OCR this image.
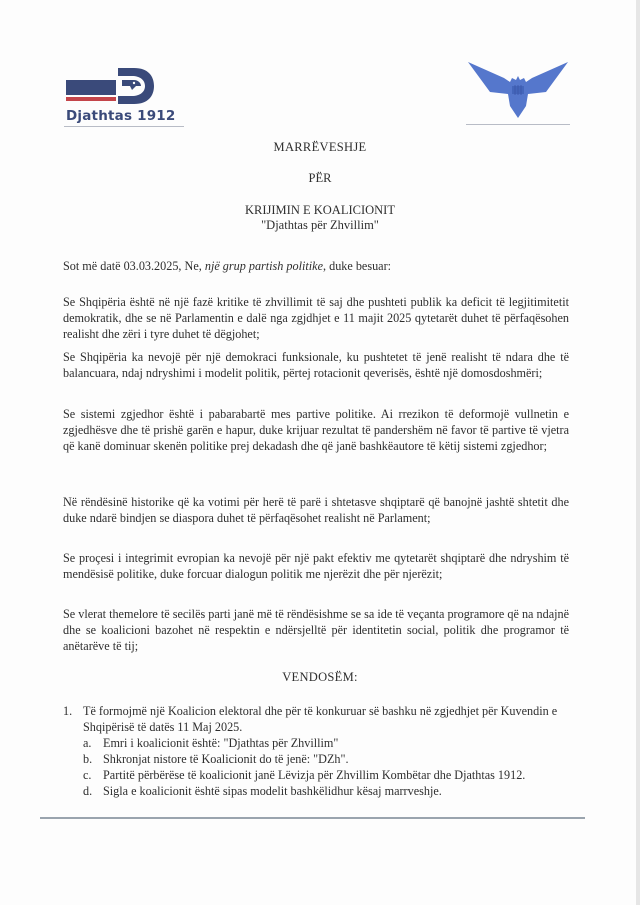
Djathtas 1912
MARRËVESHJE
PËR
KRIJIMIN E KOALICIONIT
"Djathtas për Zhvillim"
Sot më datë 03.03.2025, Ne, një grup partish politike, duke besuar:
Se Shqipëria është në një fazë kritike të zhvillimit të saj dhe pushteti publik ka deficit të legjitimitetit demokratik, dhe se në Parlamentin e dalë nga zgjdhjet e 11 majit 2025 qytetarët duhet të përfaqësohen realisht dhe zëri i tyre duhet të dëgjohet;
Se Shqipëria ka nevojë për një demokraci funksionale, ku pushtetet të jenë realisht të ndara dhe të balancuara, ndaj ndryshimi i modelit politik, përtej rotacionit qeverisës, është një domosdoshmëri;
Se sistemi zgjedhor është i pabarabartë mes partive politike. Ai rrezikon të deformojë vullnetin e zgjedhësve dhe të prishë garën e hapur, duke krijuar rezultat të pandershëm në favor të partive të vjetra që kanë dominuar skenën politike prej dekadash dhe që janë bashkëautore të këtij sistemi zgjedhor;
Në rëndësinë historike që ka votimi për herë të parë i shtetasve shqiptarë që banojnë jashtë shtetit dhe duke ndarë bindjen se diaspora duhet të përfaqësohet realisht në Parlament;
Se proçesi i integrimit evropian ka nevojë për një pakt efektiv me qytetarët shqiptarë dhe ndryshim të mendësisë politike, duke forcuar dialogun politik me njerëzit dhe për njerëzit;
Se vlerat themelore të secilës parti janë më të rëndësishme se sa ide të veçanta programore që na ndajnë dhe se koalicioni bazohet në respektin e ndërsjelltë për identitetin social, politik dhe programor të anëtarëve të tij;
VENDOSËM:
1. Të formojmë një Koalicion elektoral dhe për të konkuruar së bashku në zgjedhjet për Kuvendin e Shqipërisë të datës 11 Maj 2025.
a. Emri i koalicionit është: "Djathtas për Zhvillim"
b. Shkronjat nistore të Koalicionit do të jenë: "DZh".
c. Partitë përbërëse të koalicionit janë Lëvizja për Zhvillim Kombëtar dhe Djathtas 1912.
d. Sigla e koalicionit është sipas modelit bashkëlidhur kësaj marrveshje.
